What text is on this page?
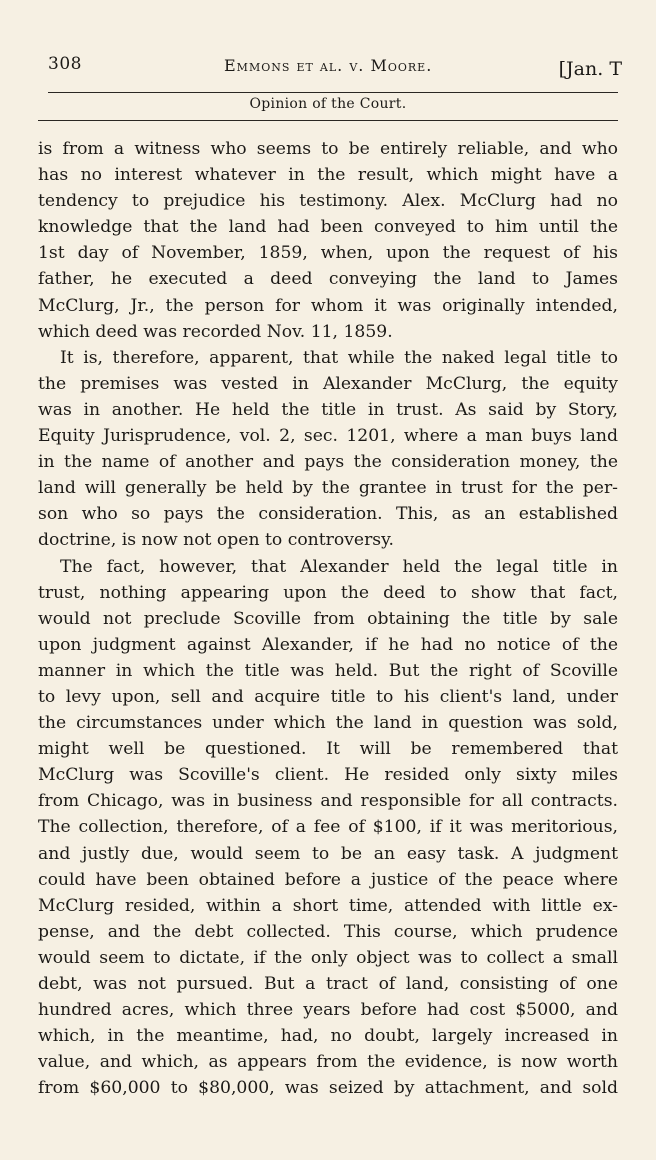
308	Emmons et al. v. Moore.	[Jan. T
Opinion of the Court.
is from a witness who seems to be entirely reliable, and who
has no interest whatever in the result, which might have a
tendency to prejudice his testimony. Alex. McClurg had no
knowledge that the land had been conveyed to him until the
1st day of November, 1859, when, upon the request of his
father, he executed a deed conveying the land to James
McClurg, Jr., the person for whom it was originally intended,
which deed was recorded Nov. 11, 1859.
It is, therefore, apparent, that while the naked legal title to
the premises was vested in Alexander McClurg, the equity
was in another. He held the title in trust. As said by Story,
Equity Jurisprudence, vol. 2, sec. 1201, where a man buys land
in the name of another and pays the consideration money, the
land will generally be held by the grantee in trust for the per-
son who so pays the consideration. This, as an established
doctrine, is now not open to controversy.
The fact, however, that Alexander held the legal title in
trust, nothing appearing upon the deed to show that fact,
would not preclude Scoville from obtaining the title by sale
upon judgment against Alexander, if he had no notice of the
manner in which the title was held. But the right of Scoville
to levy upon, sell and acquire title to his client's land, under
the circumstances under which the land in question was sold,
might well be questioned. It will be remembered that
McClurg was Scoville's client. He resided only sixty miles
from Chicago, was in business and responsible for all contracts.
The collection, therefore, of a fee of $100, if it was meritorious,
and justly due, would seem to be an easy task. A judgment
could have been obtained before a justice of the peace where
McClurg resided, within a short time, attended with little ex-
pense, and the debt collected. This course, which prudence
would seem to dictate, if the only object was to collect a small
debt, was not pursued. But a tract of land, consisting of one
hundred acres, which three years before had cost $5000, and
which, in the meantime, had, no doubt, largely increased in
value, and which, as appears from the evidence, is now worth
from $60,000 to $80,000, was seized by attachment, and sold
